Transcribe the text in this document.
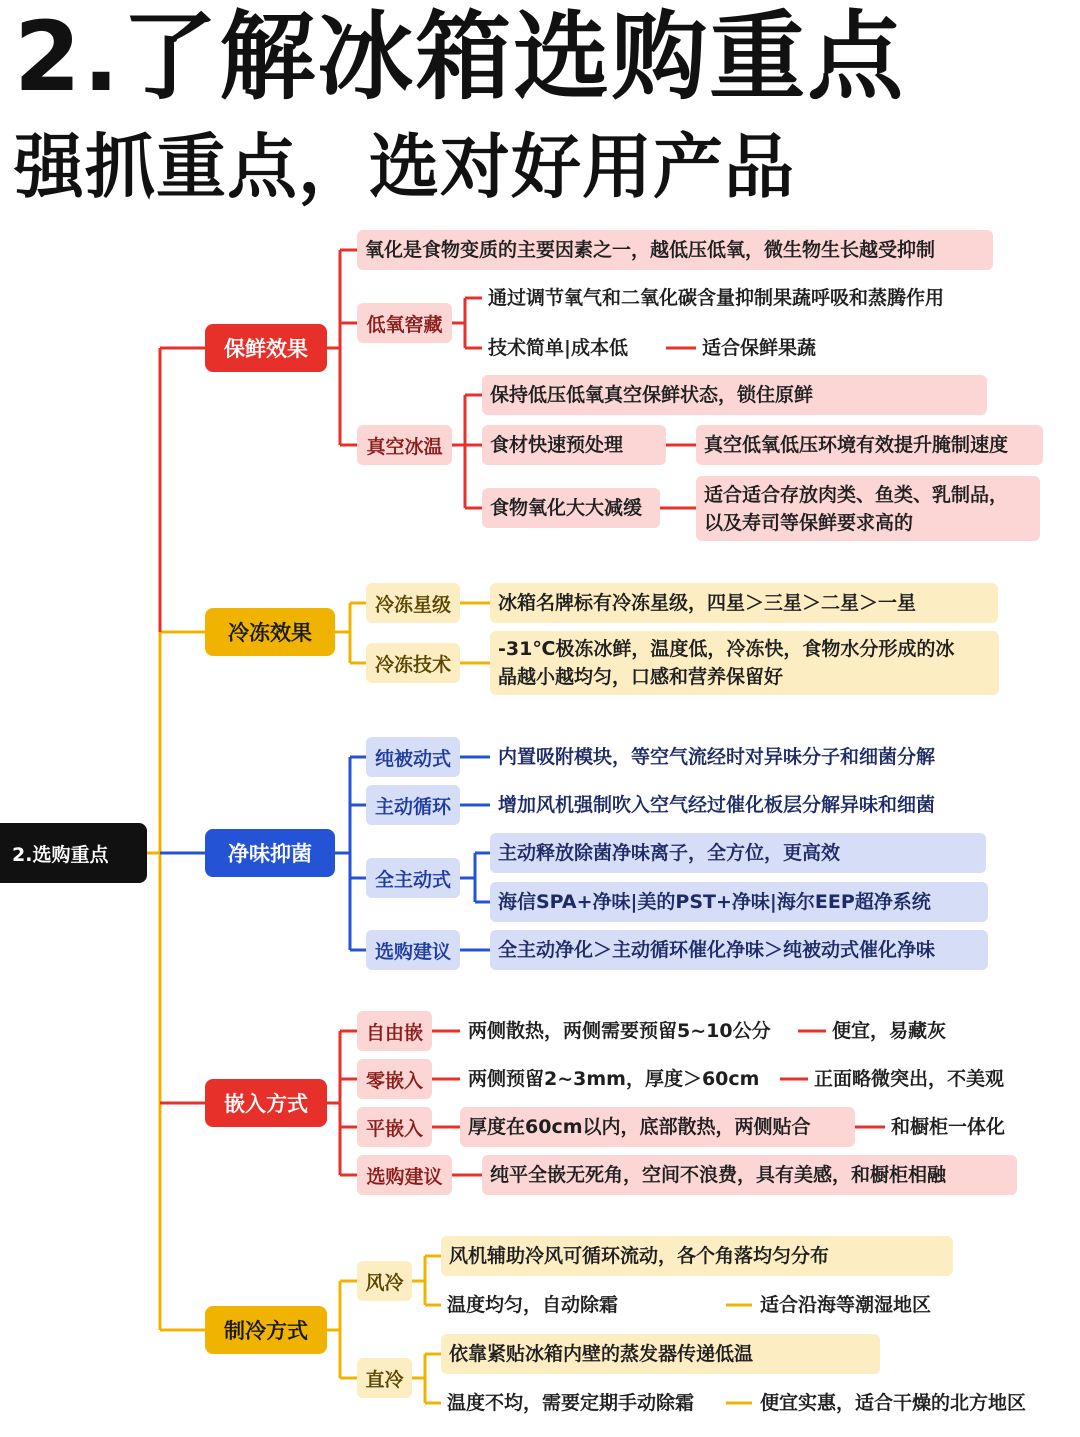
2.了解冰箱选购重点
强抓重点，选对好用产品
2.选购重点
保鲜效果
氧化是食物变质的主要因素之一，越低压低氧，微生物生长越受抑制
低氧窖藏
通过调节氧气和二氧化碳含量抑制果蔬呼吸和蒸腾作用
技术简单|成本低	适合保鲜果蔬
真空冰温
保持低压低氧真空保鲜状态，锁住原鲜
食材快速预处理	真空低氧低压环境有效提升腌制速度
食物氧化大大减缓
适合适合存放肉类、鱼类、乳制品，
以及寿司等保鲜要求高的
冷冻效果
冷冻星级	冰箱名牌标有冷冻星级，四星＞三星＞二星＞一星
冷冻技术
-31℃极冻冰鲜，温度低，冷冻快，食物水分形成的冰
晶越小越均匀，口感和营养保留好
净味抑菌
纯被动式	内置吸附模块，等空气流经时对异味分子和细菌分解
主动循环	增加风机强制吹入空气经过催化板层分解异味和细菌
全主动式
主动释放除菌净味离子，全方位，更高效
海信SPA+净味|美的PST+净味|海尔EEP超净系统
选购建议	全主动净化＞主动循环催化净味＞纯被动式催化净味
嵌入方式
自由嵌	两侧散热，两侧需要预留5~10公分	便宜，易藏灰
零嵌入	两侧预留2~3mm，厚度＞60cm	正面略微突出，不美观
平嵌入	厚度在60cm以内，底部散热，两侧贴合	和橱柜一体化
选购建议	纯平全嵌无死角，空间不浪费，具有美感，和橱柜相融
制冷方式
风冷
风机辅助冷风可循环流动，各个角落均匀分布
温度均匀，自动除霜	适合沿海等潮湿地区
直冷
依靠紧贴冰箱内壁的蒸发器传递低温
温度不均，需要定期手动除霜	便宜实惠，适合干燥的北方地区
